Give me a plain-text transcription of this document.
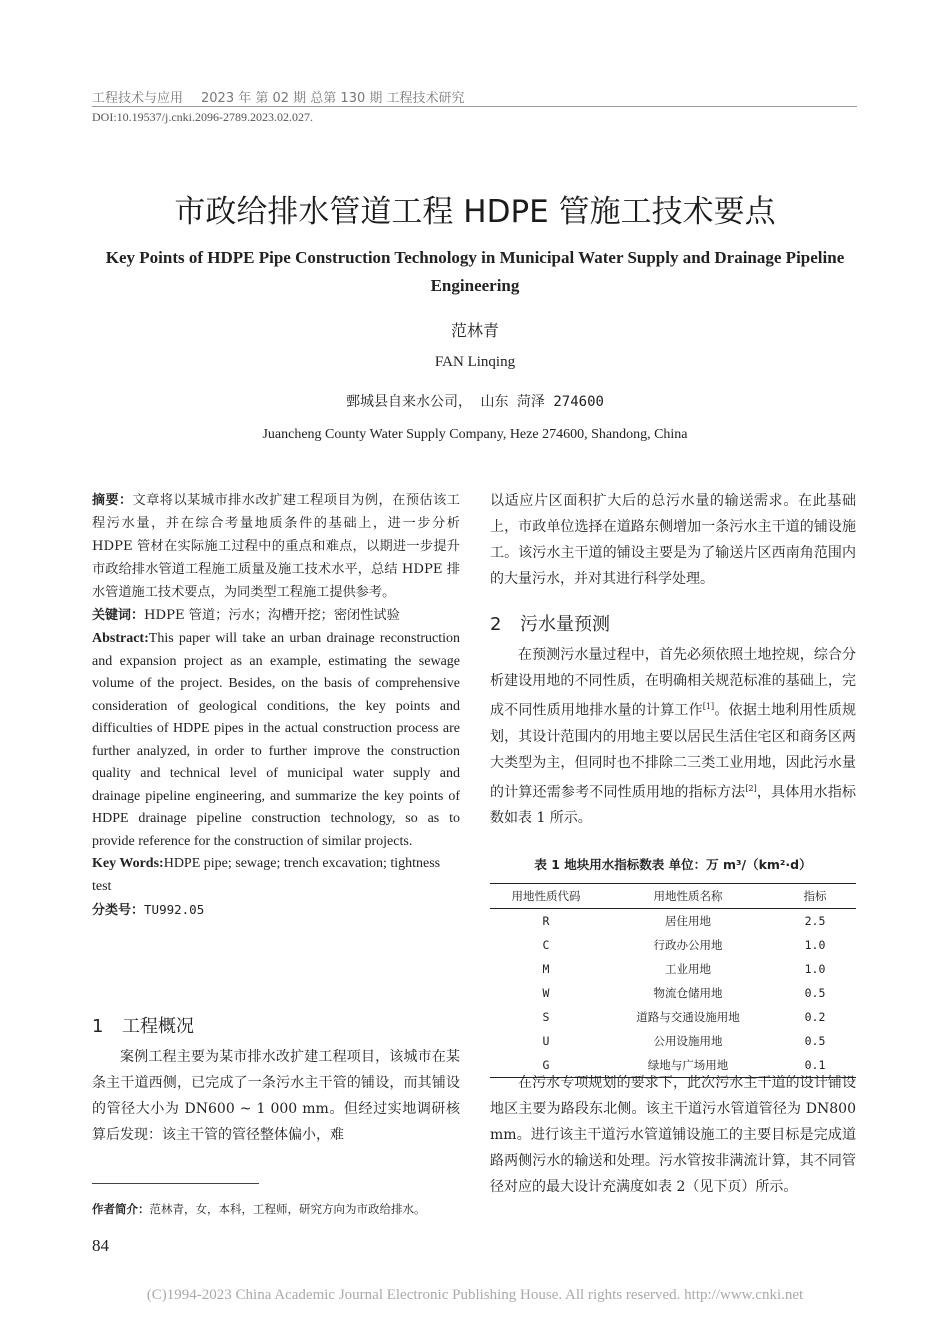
工程技术与应用 2023 年 第 02 期 总第 130 期 工程技术研究
DOI:10.19537/j.cnki.2096-2789.2023.02.027.
市政给排水管道工程 HDPE 管施工技术要点
Key Points of HDPE Pipe Construction Technology in Municipal Water Supply and Drainage Pipeline Engineering
范林青
FAN Linqing
鄄城县自来水公司， 山东 菏泽 274600
Juancheng County Water Supply Company, Heze 274600, Shandong, China
摘要：文章将以某城市排水改扩建工程项目为例，在预估该工程污水量，并在综合考量地质条件的基础上，进一步分析 HDPE 管材在实际施工过程中的重点和难点，以期进一步提升市政给排水管道工程施工质量及施工技术水平，总结 HDPE 排水管道施工技术要点，为同类型工程施工提供参考。
关键词：HDPE 管道；污水；沟槽开挖；密闭性试验
Abstract:This paper will take an urban drainage reconstruction and expansion project as an example, estimating the sewage volume of the project. Besides, on the basis of comprehensive consideration of geological conditions, the key points and difficulties of HDPE pipes in the actual construction process are further analyzed, in order to further improve the construction quality and technical level of municipal water supply and drainage pipeline engineering, and summarize the key points of HDPE drainage pipeline construction technology, so as to provide reference for the construction of similar projects.
Key Words:HDPE pipe; sewage; trench excavation; tightness test
分类号：TU992.05
1 工程概况

案例工程主要为某市排水改扩建工程项目，该城市在某条主干道西侧，已完成了一条污水主干管的铺设，而其铺设的管径大小为 DN600 ~ 1 000 mm。但经过实地调研核算后发现：该主干管的管径整体偏小，难

以适应片区面积扩大后的总污水量的输送需求。在此基础上，市政单位选择在道路东侧增加一条污水主干道的铺设施工。该污水主干道的铺设主要是为了输送片区西南角范围内的大量污水，并对其进行科学处理。

2 污水量预测

在预测污水量过程中，首先必须依照土地控规，综合分析建设用地的不同性质，在明确相关规范标准的基础上，完成不同性质用地排水量的计算工作[1]。依据土地利用性质规划，其设计范围内的用地主要以居民生活住宅区和商务区两大类型为主，但同时也不排除二三类工业用地，因此污水量的计算还需参考不同性质用地的指标方法[2]，具体用水指标数如表 1 所示。

表 1 地块用水指标数表 单位：万 m³/（km²·d）
用地性质代码	用地性质名称	指标
R	居住用地	2.5
C	行政办公用地	1.0
M	工业用地	1.0
W	物流仓储用地	0.5
S	道路与交通设施用地	0.2
U	公用设施用地	0.5
G	绿地与广场用地	0.1

在污水专项规划的要求下，此次污水主干道的设计铺设地区主要为路段东北侧。该主干道污水管道管径为 DN800 mm。进行该主干道污水管道铺设施工的主要目标是完成道路两侧污水的输送和处理。污水管按非满流计算，其不同管径对应的最大设计充满度如表 2（见下页）所示。

作者简介：范林青，女，本科，工程师，研究方向为市政给排水。
84
(C)1994-2023 China Academic Journal Electronic Publishing House. All rights reserved. http://www.cnki.net
